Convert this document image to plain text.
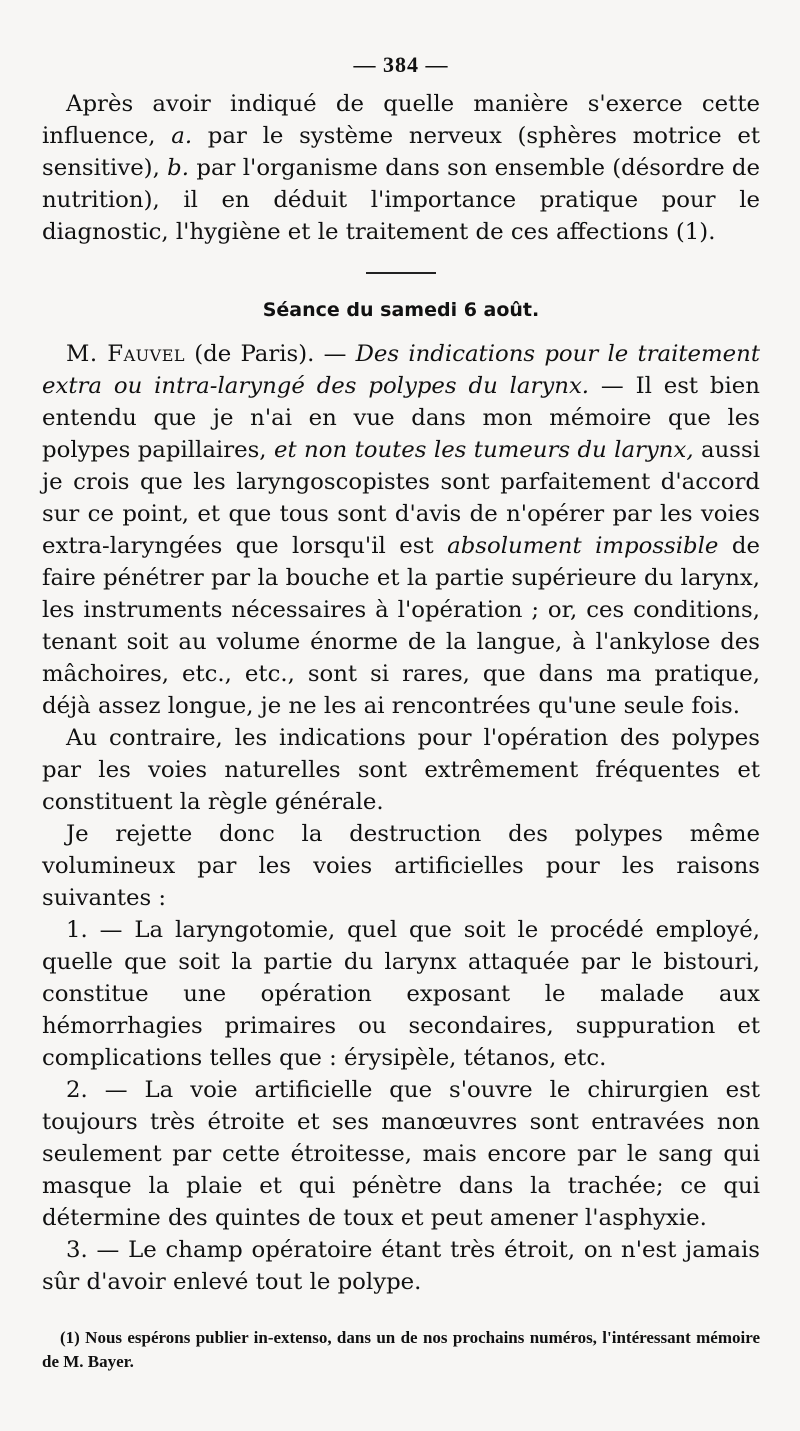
— 384 —

Après avoir indiqué de quelle manière s'exerce cette influence, a. par le système nerveux (sphères motrice et sensitive), b. par l'organisme dans son ensemble (désordre de nutrition), il en déduit l'importance pratique pour le diagnostic, l'hygiène et le traitement de ces affections (1).

Séance du samedi 6 août.

M. Fauvel (de Paris). — Des indications pour le traitement extra ou intra-laryngé des polypes du larynx. — Il est bien entendu que je n'ai en vue dans mon mémoire que les polypes papillaires, et non toutes les tumeurs du larynx, aussi je crois que les laryngoscopistes sont parfaitement d'accord sur ce point, et que tous sont d'avis de n'opérer par les voies extra-laryngées que lorsqu'il est absolument impossible de faire pénétrer par la bouche et la partie supérieure du larynx, les instruments nécessaires à l'opération ; or, ces conditions, tenant soit au volume énorme de la langue, à l'ankylose des mâchoires, etc., etc., sont si rares, que dans ma pratique, déjà assez longue, je ne les ai rencontrées qu'une seule fois.

Au contraire, les indications pour l'opération des polypes par les voies naturelles sont extrêmement fréquentes et constituent la règle générale.

Je rejette donc la destruction des polypes même volumineux par les voies artificielles pour les raisons suivantes :

1. — La laryngotomie, quel que soit le procédé employé, quelle que soit la partie du larynx attaquée par le bistouri, constitue une opération exposant le malade aux hémorrhagies primaires ou secondaires, suppuration et complications telles que : érysipèle, tétanos, etc.

2. — La voie artificielle que s'ouvre le chirurgien est toujours très étroite et ses manœuvres sont entravées non seulement par cette étroitesse, mais encore par le sang qui masque la plaie et qui pénètre dans la trachée; ce qui détermine des quintes de toux et peut amener l'asphyxie.

3. — Le champ opératoire étant très étroit, on n'est jamais sûr d'avoir enlevé tout le polype.

(1) Nous espérons publier in-extenso, dans un de nos prochains numéros, l'intéressant mémoire de M. Bayer.
